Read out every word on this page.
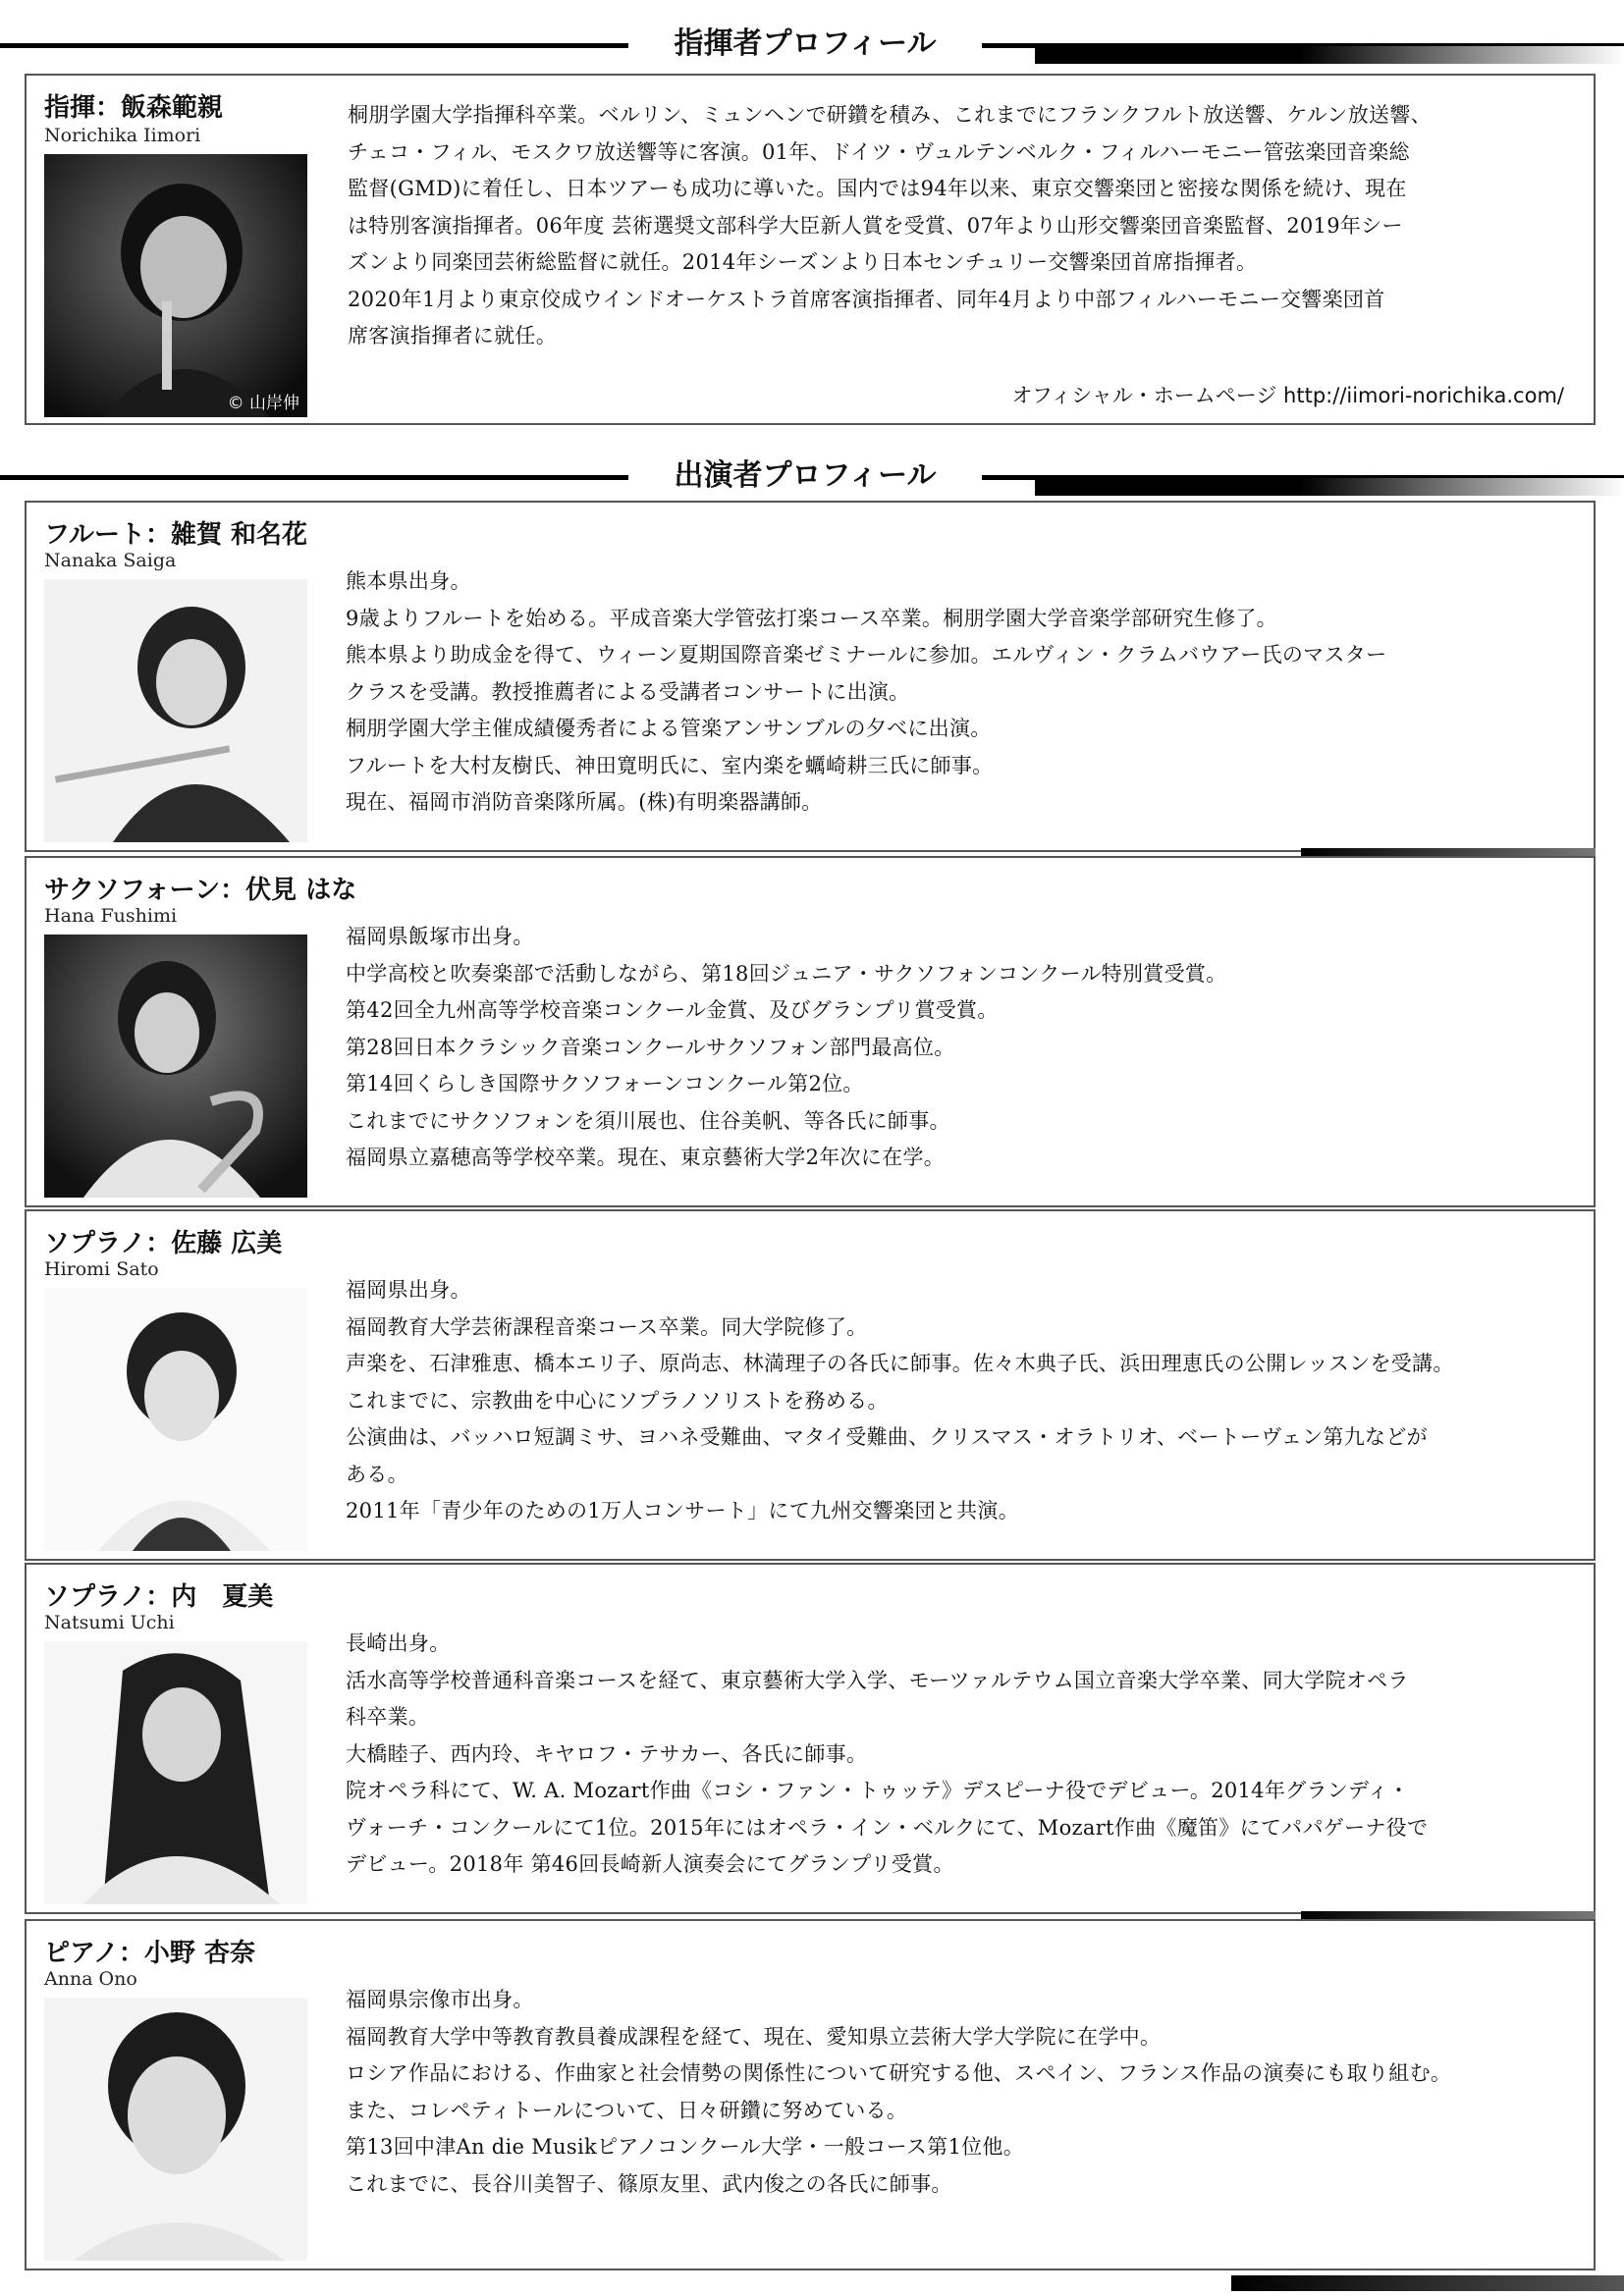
指揮者プロフィール
指揮：飯森範親
Norichika Iimori
© 山岸伸

桐朋学園大学指揮科卒業。ベルリン、ミュンヘンで研鑽を積み、これまでにフランクフルト放送響、ケルン放送響、

チェコ・フィル、モスクワ放送響等に客演。01年、ドイツ・ヴュルテンベルク・フィルハーモニー管弦楽団音楽総

監督(GMD)に着任し、日本ツアーも成功に導いた。国内では94年以来、東京交響楽団と密接な関係を続け、現在

は特別客演指揮者。06年度 芸術選奨文部科学大臣新人賞を受賞、07年より山形交響楽団音楽監督、2019年シー

ズンより同楽団芸術総監督に就任。2014年シーズンより日本センチュリー交響楽団首席指揮者。

2020年1月より東京佼成ウインドオーケストラ首席客演指揮者、同年4月より中部フィルハーモニー交響楽団首

席客演指揮者に就任。

オフィシャル・ホームページ http://iimori-norichika.com/
出演者プロフィール
フルート：雑賀 和名花
Nanaka Saiga

熊本県出身。

9歳よりフルートを始める。平成音楽大学管弦打楽コース卒業。桐朋学園大学音楽学部研究生修了。

熊本県より助成金を得て、ウィーン夏期国際音楽ゼミナールに参加。エルヴィン・クラムバウアー氏のマスター

クラスを受講。教授推薦者による受講者コンサートに出演。

桐朋学園大学主催成績優秀者による管楽アンサンブルの夕べに出演。

フルートを大村友樹氏、神田寛明氏に、室内楽を蠣崎耕三氏に師事。

現在、福岡市消防音楽隊所属。(株)有明楽器講師。

サクソフォーン：伏見 はな
Hana Fushimi

福岡県飯塚市出身。

中学高校と吹奏楽部で活動しながら、第18回ジュニア・サクソフォンコンクール特別賞受賞。

第42回全九州高等学校音楽コンクール金賞、及びグランプリ賞受賞。

第28回日本クラシック音楽コンクールサクソフォン部門最高位。

第14回くらしき国際サクソフォーンコンクール第2位。

これまでにサクソフォンを須川展也、住谷美帆、等各氏に師事。

福岡県立嘉穂高等学校卒業。現在、東京藝術大学2年次に在学。

ソプラノ：佐藤 広美
Hiromi Sato

福岡県出身。

福岡教育大学芸術課程音楽コース卒業。同大学院修了。

声楽を、石津雅恵、橋本エリ子、原尚志、林満理子の各氏に師事。佐々木典子氏、浜田理恵氏の公開レッスンを受講。

これまでに、宗教曲を中心にソプラノソリストを務める。

公演曲は、バッハロ短調ミサ、ヨハネ受難曲、マタイ受難曲、クリスマス・オラトリオ、ベートーヴェン第九などが

ある。

2011年「青少年のための1万人コンサート」にて九州交響楽団と共演。

ソプラノ：内　夏美
Natsumi Uchi

長崎出身。

活水高等学校普通科音楽コースを経て、東京藝術大学入学、モーツァルテウム国立音楽大学卒業、同大学院オペラ

科卒業。

大橋睦子、西内玲、キヤロフ・テサカー、各氏に師事。

院オペラ科にて、W. A. Mozart作曲《コシ・ファン・トゥッテ》デスピーナ役でデビュー。2014年グランディ・

ヴォーチ・コンクールにて1位。2015年にはオペラ・イン・ベルクにて、Mozart作曲《魔笛》にてパパゲーナ役で

デビュー。2018年 第46回長崎新人演奏会にてグランプリ受賞。

ピアノ：小野 杏奈
Anna Ono

福岡県宗像市出身。

福岡教育大学中等教育教員養成課程を経て、現在、愛知県立芸術大学大学院に在学中。

ロシア作品における、作曲家と社会情勢の関係性について研究する他、スペイン、フランス作品の演奏にも取り組む。

また、コレペティトールについて、日々研鑽に努めている。

第13回中津An die Musikピアノコンクール大学・一般コース第1位他。

これまでに、長谷川美智子、篠原友里、武内俊之の各氏に師事。
